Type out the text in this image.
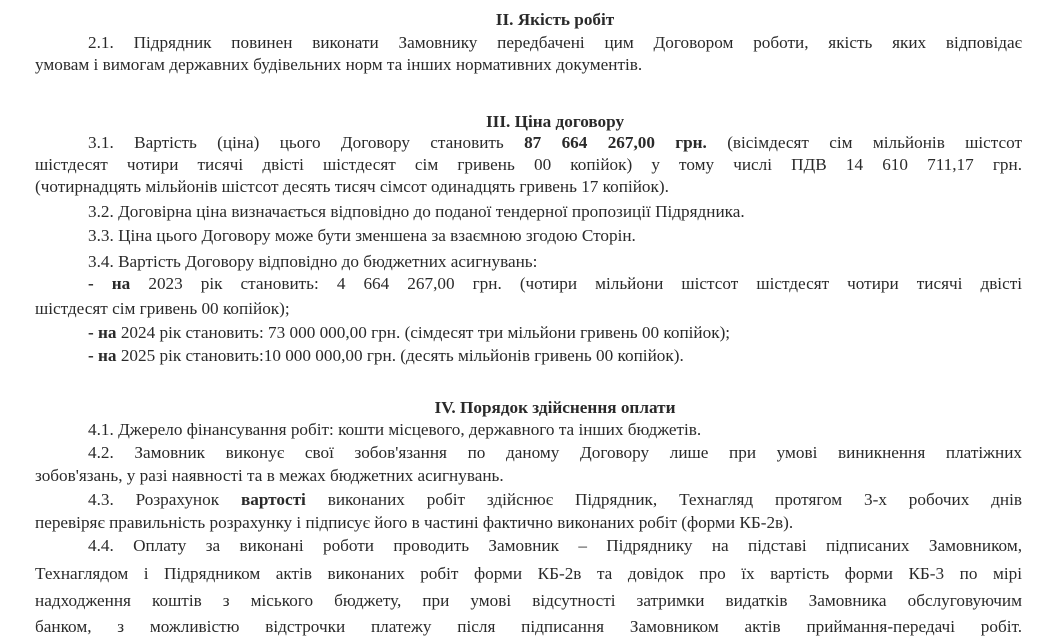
ІІ. Якість робіт
2.1. Підрядник повинен виконати Замовнику передбачені цим Договором роботи, якість яких відповідає
умовам і вимогам державних будівельних норм та інших нормативних документів.
ІІІ. Ціна договору
3.1. Вартість (ціна) цього Договору становить 87 664 267,00 грн. (вісімдесят сім мільйонів шістсот
шістдесят чотири тисячі двісті шістдесят сім гривень 00 копійок) у тому числі ПДВ 14 610 711,17 грн.
(чотирнадцять мільйонів шістсот десять тисяч сімсот одинадцять гривень 17 копійок).
3.2. Договірна ціна визначається відповідно до поданої тендерної пропозиції Підрядника.
3.3. Ціна цього Договору може бути зменшена за взаємною згодою Сторін.
3.4. Вартість Договору відповідно до бюджетних асигнувань:
- на 2023 рік становить: 4 664 267,00 грн. (чотири мільйони шістсот шістдесят чотири тисячі двісті
шістдесят сім гривень 00 копійок);
- на 2024 рік становить: 73 000 000,00 грн. (сімдесят три мільйони гривень 00 копійок);
- на 2025 рік становить:10 000 000,00 грн. (десять мільйонів гривень 00 копійок).
IV. Порядок здійснення оплати
4.1. Джерело фінансування робіт: кошти місцевого, державного та інших бюджетів.
4.2. Замовник виконує свої зобов'язання по даному Договору лише при умові виникнення платіжних
зобов'язань, у разі наявності та в межах бюджетних асигнувань.
4.3. Розрахунок вартості виконаних робіт здійснює Підрядник, Технагляд протягом 3-х робочих днів
перевіряє правильність розрахунку і підписує його в частині фактично виконаних робіт (форми КБ-2в).
4.4. Оплату за виконані роботи проводить Замовник – Підряднику на підставі підписаних Замовником,
Технаглядом і Підрядником актів виконаних робіт форми КБ-2в та довідок про їх вартість форми КБ-3 по мірі
надходження коштів з міського бюджету, при умові відсутності затримки видатків Замовника обслуговуючим
банком, з можливістю відстрочки платежу після підписання Замовником актів приймання-передачі робіт.
